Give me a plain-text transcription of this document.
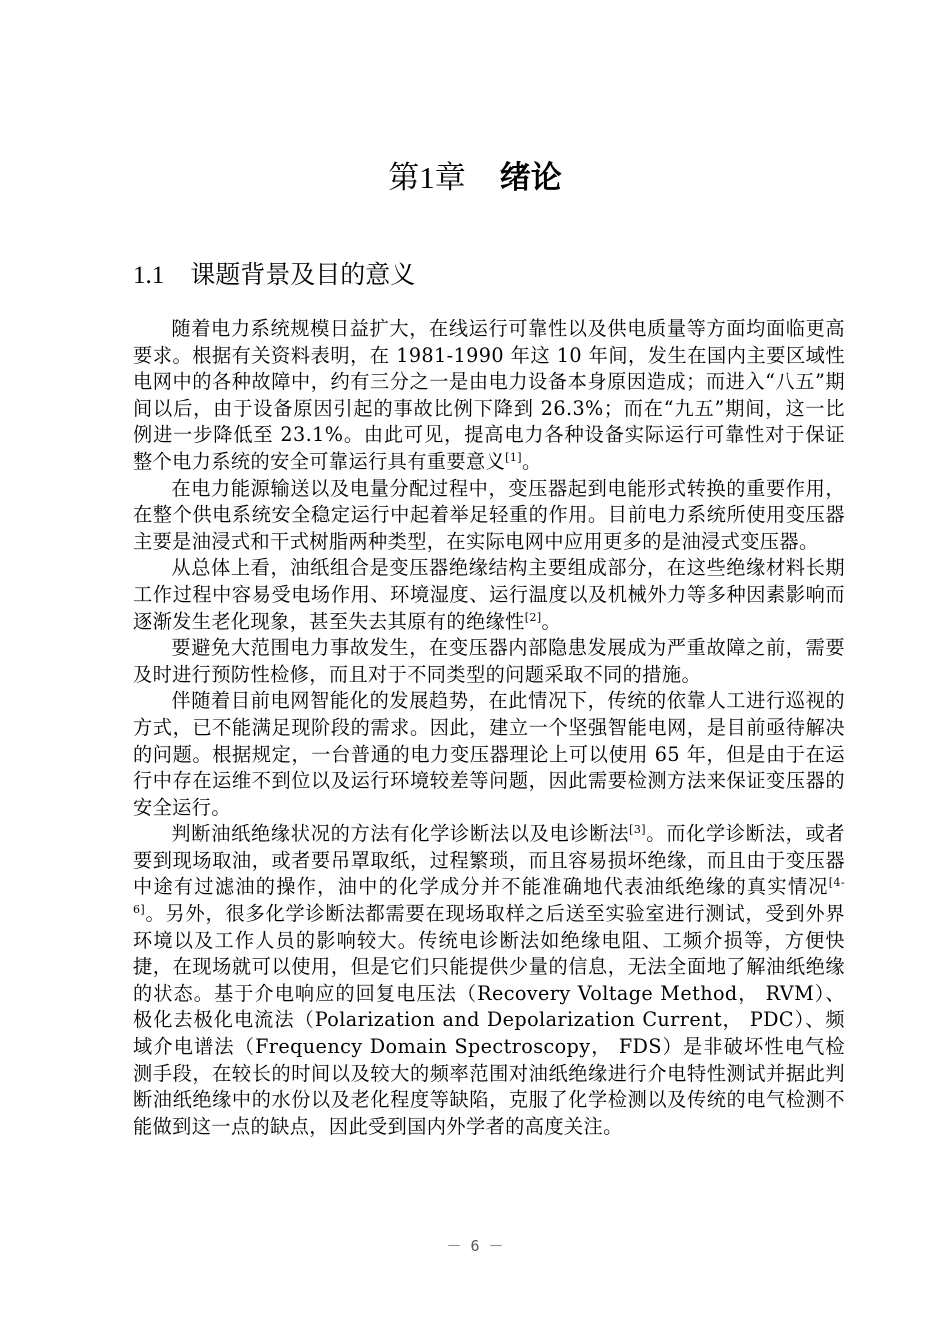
第1章 绪论
1.1 课题背景及目的意义

随着电力系统规模日益扩大，在线运行可靠性以及供电质量等方面均面临更高要求。根据有关资料表明，在 1981-1990 年这 10 年间，发生在国内主要区域性电网中的各种故障中，约有三分之一是由电力设备本身原因造成；而进入“八五”期间以后，由于设备原因引起的事故比例下降到 26.3%；而在“九五”期间，这一比例进一步降低至 23.1%。由此可见，提高电力各种设备实际运行可靠性对于保证整个电力系统的安全可靠运行具有重要意义[1]。

在电力能源输送以及电量分配过程中，变压器起到电能形式转换的重要作用，在整个供电系统安全稳定运行中起着举足轻重的作用。目前电力系统所使用变压器主要是油浸式和干式树脂两种类型，在实际电网中应用更多的是油浸式变压器。

从总体上看，油纸组合是变压器绝缘结构主要组成部分，在这些绝缘材料长期工作过程中容易受电场作用、环境湿度、运行温度以及机械外力等多种因素影响而逐渐发生老化现象，甚至失去其原有的绝缘性[2]。

要避免大范围电力事故发生，在变压器内部隐患发展成为严重故障之前，需要及时进行预防性检修，而且对于不同类型的问题采取不同的措施。

伴随着目前电网智能化的发展趋势，在此情况下，传统的依靠人工进行巡视的方式，已不能满足现阶段的需求。因此，建立一个坚强智能电网，是目前亟待解决的问题。根据规定，一台普通的电力变压器理论上可以使用 65 年，但是由于在运行中存在运维不到位以及运行环境较差等问题，因此需要检测方法来保证变压器的安全运行。

判断油纸绝缘状况的方法有化学诊断法以及电诊断法[3]。而化学诊断法，或者要到现场取油，或者要吊罩取纸，过程繁琐，而且容易损坏绝缘，而且由于变压器中途有过滤油的操作，油中的化学成分并不能准确地代表油纸绝缘的真实情况[4-6]。另外，很多化学诊断法都需要在现场取样之后送至实验室进行测试，受到外界环境以及工作人员的影响较大。传统电诊断法如绝缘电阻、工频介损等，方便快捷，在现场就可以使用，但是它们只能提供少量的信息，无法全面地了解油纸绝缘的状态。基于介电响应的回复电压法（Recovery Voltage Method， RVM）、极化去极化电流法（Polarization and Depolarization Current， PDC）、频域介电谱法（Frequency Domain Spectroscopy， FDS）是非破坏性电气检测手段，在较长的时间以及较大的频率范围对油纸绝缘进行介电特性测试并据此判断油纸绝缘中的水份以及老化程度等缺陷，克服了化学检测以及传统的电气检测不能做到这一点的缺点，因此受到国内外学者的高度关注。

－ 6 －
